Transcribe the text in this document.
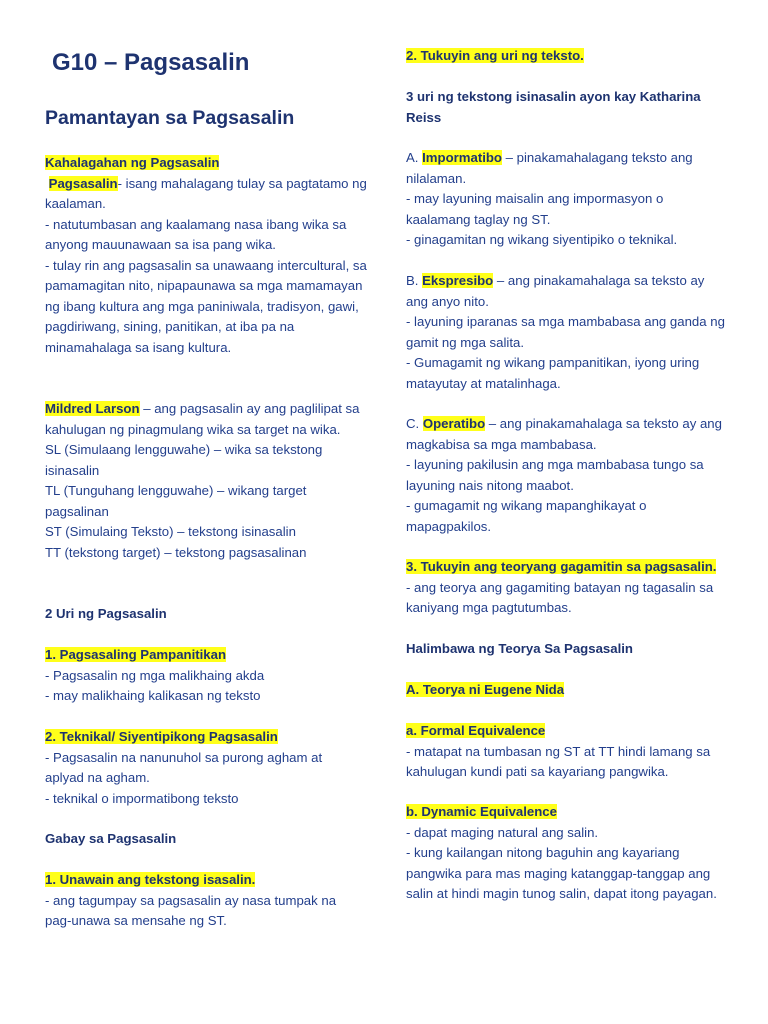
G10 – Pagsasalin
Pamantayan sa Pagsasalin

Kahalagahan ng Pagsasalin

Pagsasalin- isang mahalagang tulay sa pagtatamo ng kaalaman.

- natutumbasan ang kaalamang nasa ibang wika sa anyong mauunawaan sa isa pang wika.

- tulay rin ang pagsasalin sa unawaang intercultural, sa pamamagitan nito, nipapaunawa sa mga mamamayan ng ibang kultura ang mga paniniwala, tradisyon, gawi, pagdiriwang, sining, panitikan, at iba pa na minamahalaga sa isang kultura.

Mildred Larson – ang pagsasalin ay ang paglilipat sa kahulugan ng pinagmulang wika sa target na wika.

SL (Simulaang lengguwahe) – wika sa tekstong isinasalin

TL (Tunguhang lengguwahe) – wikang target pagsalinan

ST (Simulaing Teksto) – tekstong isinasalin

TT (tekstong target) – tekstong pagsasalinan

2 Uri ng Pagsasalin

1. Pagsasaling Pampanitikan

- Pagsasalin ng mga malikhaing akda

- may malikhaing kalikasan ng teksto

2. Teknikal/ Siyentipikong Pagsasalin

- Pagsasalin na nanunuhol sa purong agham at aplyad na agham.

- teknikal o impormatibong teksto

Gabay sa Pagsasalin

1. Unawain ang tekstong isasalin.

- ang tagumpay sa pagsasalin ay nasa tumpak na pag-unawa sa mensahe ng ST.

2. Tukuyin ang uri ng teksto.

3 uri ng tekstong isinasalin ayon kay Katharina Reiss

A. Impormatibo – pinakamahalagang teksto ang nilalaman.

- may layuning maisalin ang impormasyon o kaalamang taglay ng ST.

- ginagamitan ng wikang siyentipiko o teknikal.

B. Ekspresibo – ang pinakamahalaga sa teksto ay ang anyo nito.

- layuning iparanas sa mga mambabasa ang ganda ng gamit ng mga salita.

- Gumagamit ng wikang pampanitikan, iyong uring matayutay at matalinhaga.

C. Operatibo – ang pinakamahalaga sa teksto ay ang magkabisa sa mga mambabasa.

- layuning pakilusin ang mga mambabasa tungo sa layuning nais nitong maabot.

- gumagamit ng wikang mapanghikayat o mapagpakilos.

3. Tukuyin ang teoryang gagamitin sa pagsasalin.

- ang teorya ang gagamiting batayan ng tagasalin sa kaniyang mga pagtutumbas.

Halimbawa ng Teorya Sa Pagsasalin

A. Teorya ni Eugene Nida

a. Formal Equivalence

- matapat na tumbasan ng ST at TT hindi lamang sa kahulugan kundi pati sa kayariang pangwika.

b. Dynamic Equivalence

- dapat maging natural ang salin.

- kung kailangan nitong baguhin ang kayariang pangwika para mas maging katanggap-tanggap ang salin at hindi magin tunog salin, dapat itong payagan.
